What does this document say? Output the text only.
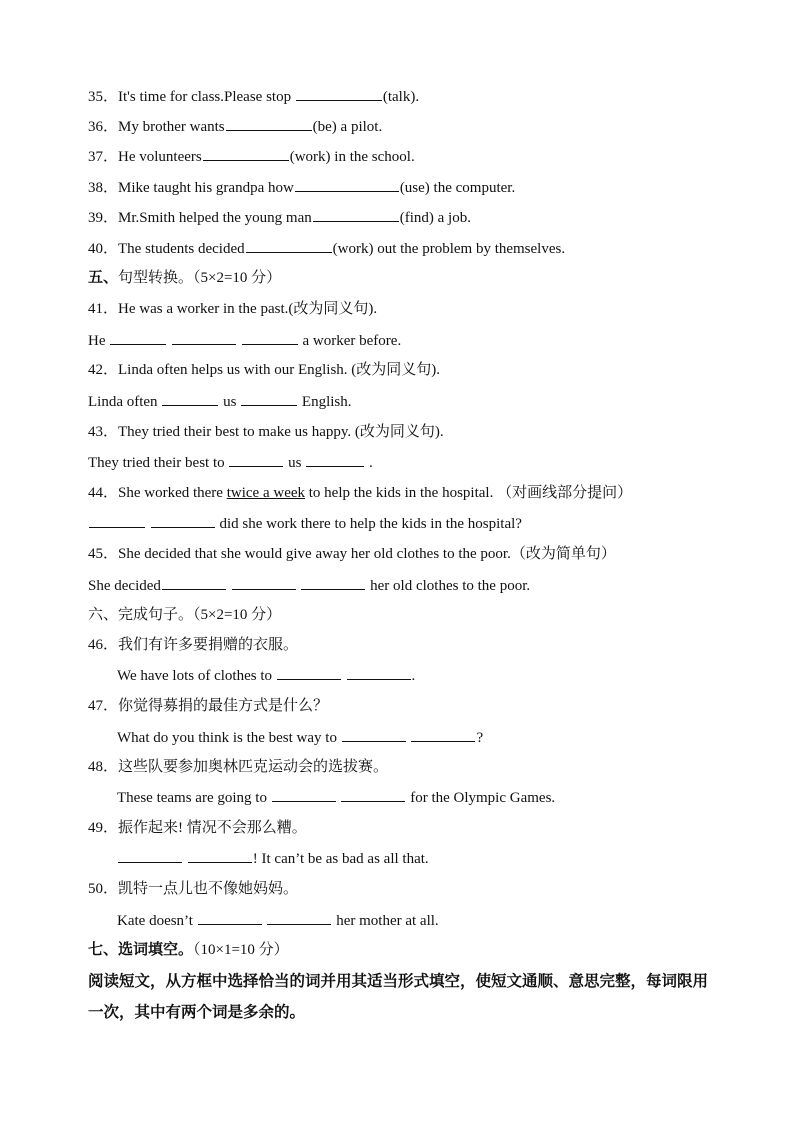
35．It's time for class.Please stop	(talk).
36．My brother wants	(be) a pilot.
37．He volunteers	(work) in the school.
38．Mike taught his grandpa how	(use) the computer.
39．Mr.Smith helped the young man	(find) a job.
40．The students decided	(work) out the problem by themselves.
五、句型转换。（5×2=10 分）
41．He was a worker in the past.(改为同义句).
He	a worker before.
42．Linda often helps us with our English. (改为同义句).
Linda often	us	English.
43．They tried their best to make us happy. (改为同义句).
They tried their best to	us	.
44．She worked there twice a week to help the kids in the hospital. （对画线部分提问）
did she work there to help the kids in the hospital?
45．She decided that she would give away her old clothes to the poor.（改为简单句）
She decided	her old clothes to the poor.
六、完成句子。（5×2=10 分）
46．我们有许多要捐赠的衣服。
We have lots of clothes to	.
47．你觉得募捐的最佳方式是什么？
What do you think is the best way to	?
48．这些队要参加奥林匹克运动会的选拔赛。
These teams are going to	for the Olympic Games.
49．振作起来! 情况不会那么糟。
! It can’t be as bad as all that.
50．凯特一点儿也不像她妈妈。
Kate doesn’t	her mother at all.
七、选词填空。（10×1=10 分）
阅读短文，从方框中选择恰当的词并用其适当形式填空，使短文通顺、意思完整，每词限用一次，其中有两个词是多余的。
